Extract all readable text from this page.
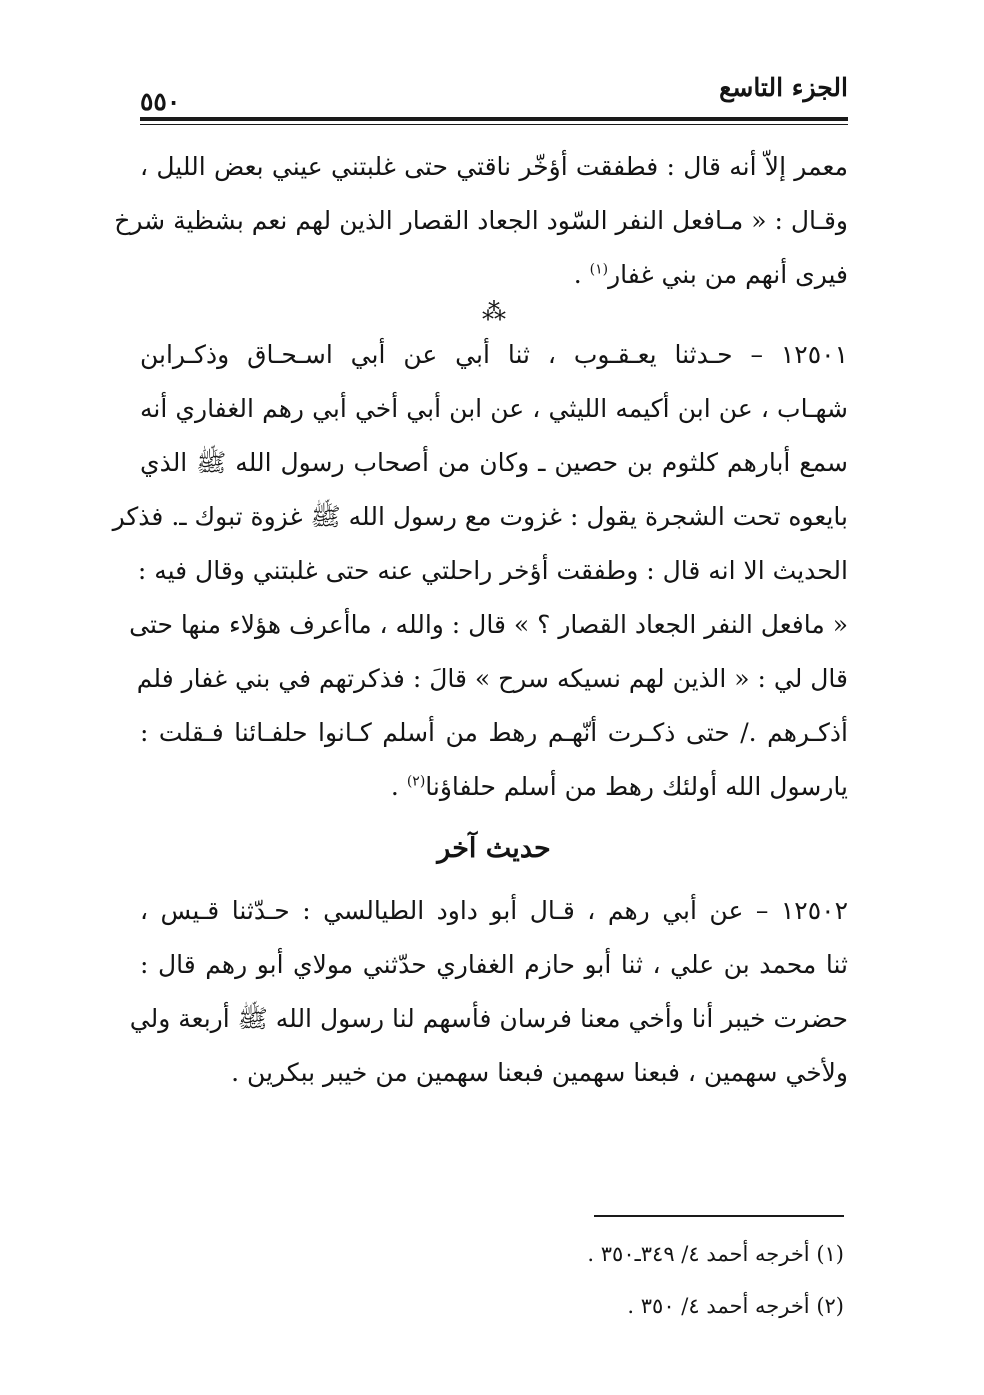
الجزء التاسع
٥٥٠
معمر إلاّ أنه قال : فطفقت أؤخّر ناقتي حتى غلبتني عيني بعض الليل ،
وقـال : « مـافعل النفر السّود الجعاد القصار الذين لهم نعم بشظية شرخ
فيرى أنهم من بني غفار$^{(١)}$ .
⁂
١٢٥٠١ – حـدثنا يعـقـوب ، ثنا أبي عن أبي اسـحـاق وذكـرابن
شهـاب ، عن ابن أكيمه الليثي ، عن ابن أبي أخي أبي رهم الغفاري أنه
سمع أبارهم كلثوم بن حصين ـ وكان من أصحاب رسول الله ﷺ الذي
بايعوه تحت الشجرة يقول : غزوت مع رسول الله ﷺ غزوة تبوك ـ. فذكر
الحديث الا انه قال : وطفقت أؤخر راحلتي عنه حتى غلبتني وقال فيه :
« مافعل النفر الجعاد القصار ؟ » قال : والله ، ماأعرف هؤلاء منها حتى
قال لي : « الذين لهم نسيكه سرح » قالَ : فذكرتهم في بني غفار فلم
أذكـرهم ./ حتى ذكـرت أنّهـم رهط من أسلم كـانوا حلفـائنا فـقلت :
يارسول الله أولئك رهط من أسلم حلفاؤنا$^{(٢)}$ .
حديث آخر
١٢٥٠٢ – عن أبي رهم ، قـال أبو داود الطيالسي : حـدّثنا قـيس ،
ثنا محمد بن علي ، ثنا أبو حازم الغفاري حدّثني مولاي أبو رهم قال :
حضرت خيبر أنا وأخي معنا فرسان فأسهم لنا رسول الله ﷺ أربعة ولي
ولأخي سهمين ، فبعنا سهمين فبعنا سهمين من خيبر ببكرين .
(١) أخرجه أحمد ٤/ ٣٤٩ـ٣٥٠ .
(٢) أخرجه أحمد ٤/ ٣٥٠ .
